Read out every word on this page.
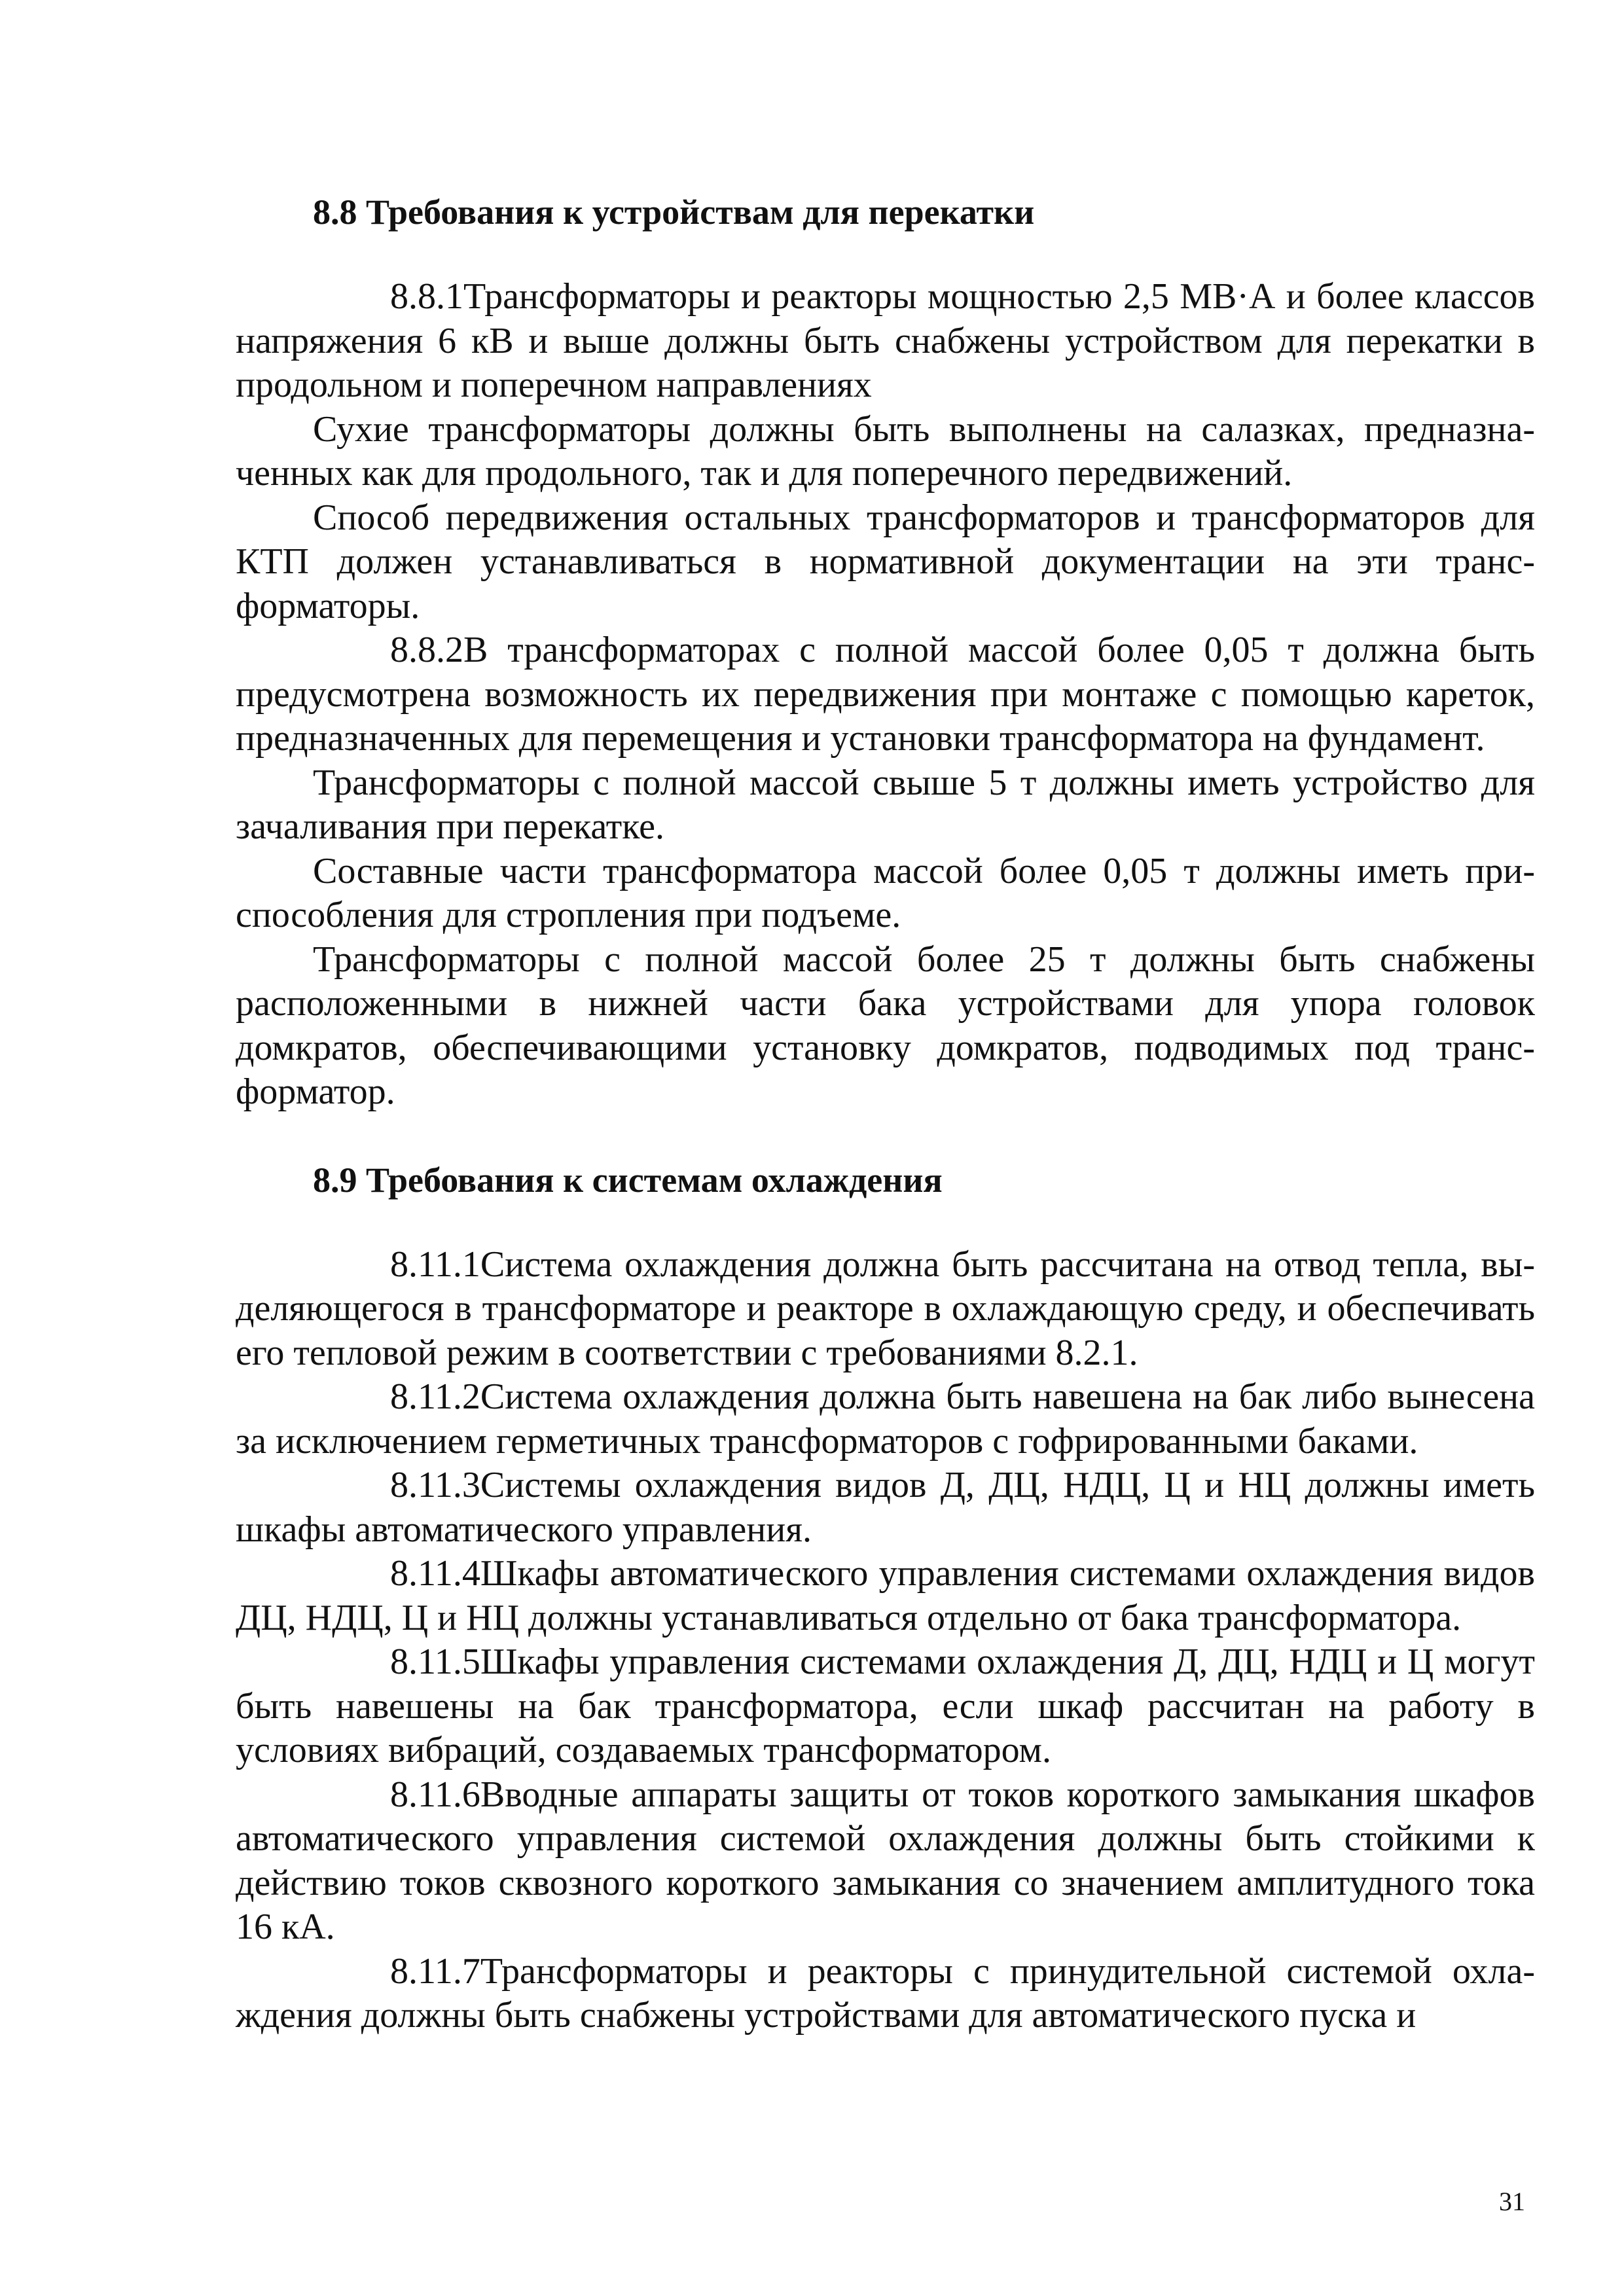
8.8 Требования к устройствам для перекатки

8.8.1Трансформаторы и реакторы мощностью 2,5 МВ·А и более классов напряжения 6 кВ и выше должны быть снабжены устройством для перекатки в продольном и поперечном направлениях

Сухие трансформаторы должны быть выполнены на салазках, предназначенных как для продольного, так и для поперечного передвижений.

Способ передвижения остальных трансформаторов и трансформаторов для КТП должен устанавливаться в нормативной документации на эти трансформаторы.

8.8.2В трансформаторах с полной массой более 0,05 т должна быть предусмотрена возможность их передвижения при монтаже с помощью кареток, предназначенных для перемещения и установки трансформатора на фундамент.

Трансформаторы с полной массой свыше 5 т должны иметь устройство для зачаливания при перекатке.

Составные части трансформатора массой более 0,05 т должны иметь приспособления для стропления при подъеме.

Трансформаторы с полной массой более 25 т должны быть снабжены расположенными в нижней части бака устройствами для упора головок домкратов, обеспечивающими установку домкратов, подводимых под трансформатор.

8.9 Требования к системам охлаждения

8.11.1Система охлаждения должна быть рассчитана на отвод тепла, выделяющегося в трансформаторе и реакторе в охлаждающую среду, и обеспечивать его тепловой режим в соответствии с требованиями 8.2.1.

8.11.2Система охлаждения должна быть навешена на бак либо вынесена за исключением герметичных трансформаторов с гофрированными баками.

8.11.3Системы охлаждения видов Д, ДЦ, НДЦ, Ц и НЦ должны иметь шкафы автоматического управления.

8.11.4Шкафы автоматического управления системами охлаждения видов ДЦ, НДЦ, Ц и НЦ должны устанавливаться отдельно от бака трансформатора.

8.11.5Шкафы управления системами охлаждения Д, ДЦ, НДЦ и Ц могут быть навешены на бак трансформатора, если шкаф рассчитан на работу в условиях вибраций, создаваемых трансформатором.

8.11.6Вводные аппараты защиты от токов короткого замыкания шкафов автоматического управления системой охлаждения должны быть стойкими к действию токов сквозного короткого замыкания со значением амплитудного тока 16 кА.

8.11.7Трансформаторы и реакторы с принудительной системой охлаждения должны быть снабжены устройствами для автоматического пуска и

31
